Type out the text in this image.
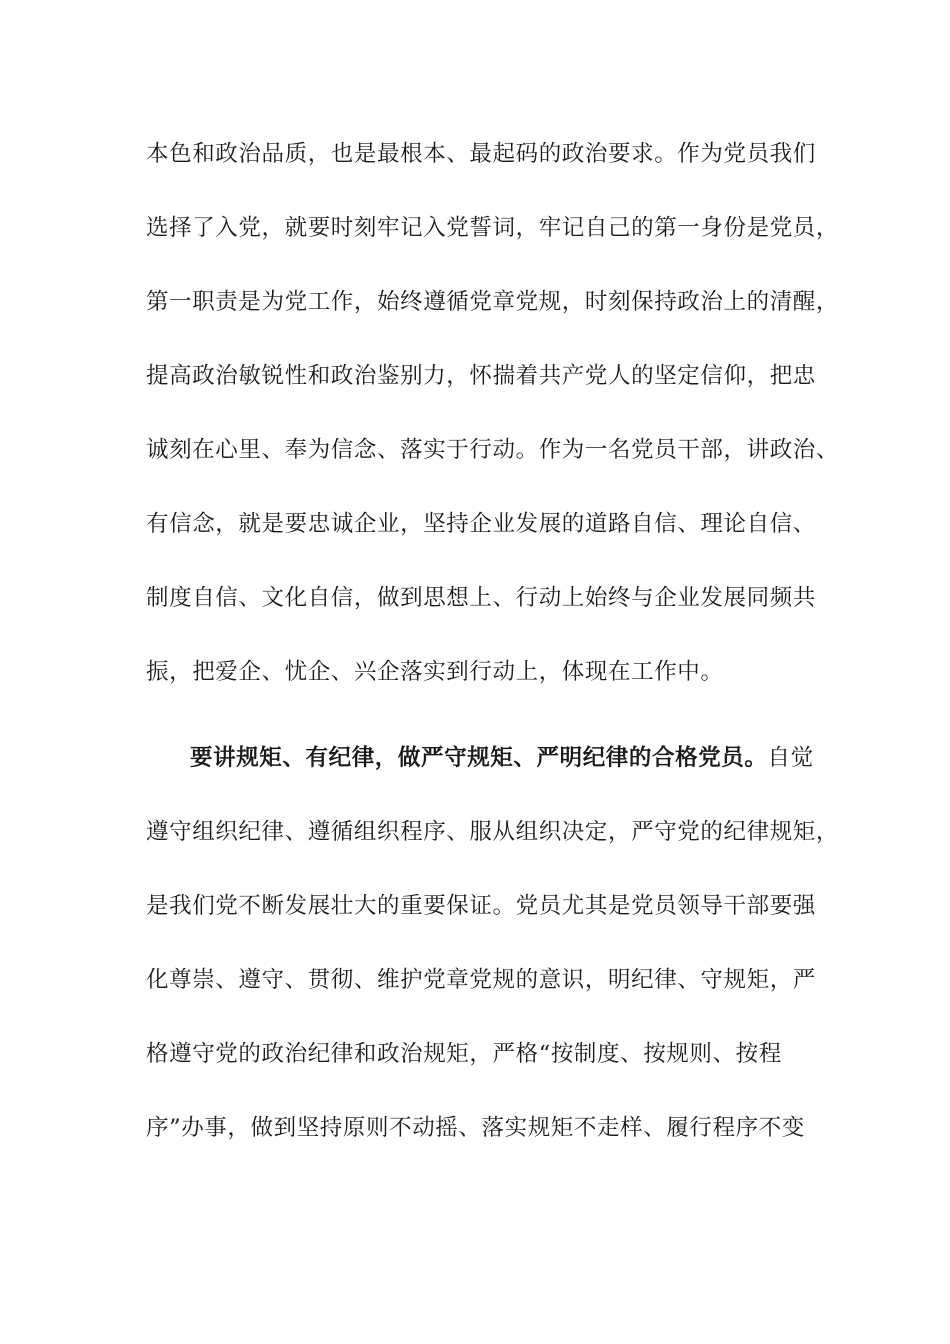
本色和政治品质，也是最根本、最起码的政治要求。作为党员我们
选择了入党，就要时刻牢记入党誓词，牢记自己的第一身份是党员，
第一职责是为党工作，始终遵循党章党规，时刻保持政治上的清醒，
提高政治敏锐性和政治鉴别力，怀揣着共产党人的坚定信仰，把忠
诚刻在心里、奉为信念、落实于行动。作为一名党员干部，讲政治、
有信念，就是要忠诚企业，坚持企业发展的道路自信、理论自信、
制度自信、文化自信，做到思想上、行动上始终与企业发展同频共
振，把爱企、忧企、兴企落实到行动上，体现在工作中。
要讲规矩、有纪律，做严守规矩、严明纪律的合格党员。自觉
遵守组织纪律、遵循组织程序、服从组织决定，严守党的纪律规矩，
是我们党不断发展壮大的重要保证。党员尤其是党员领导干部要强
化尊崇、遵守、贯彻、维护党章党规的意识，明纪律、守规矩，严
格遵守党的政治纪律和政治规矩，严格“按制度、按规则、按程
序”办事，做到坚持原则不动摇、落实规矩不走样、履行程序不变
